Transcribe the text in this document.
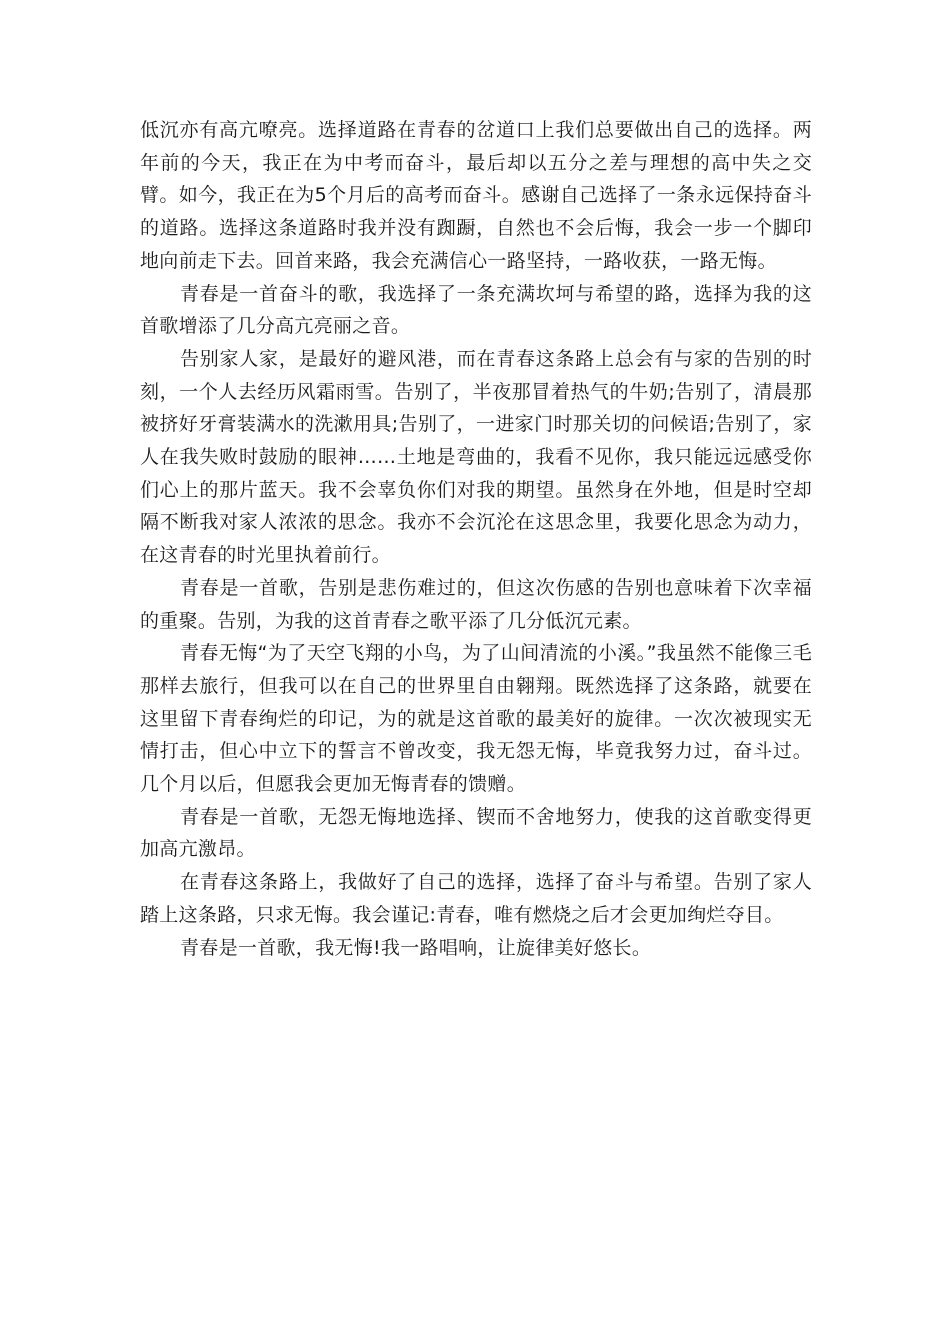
低沉亦有高亢嘹亮。选择道路在青春的岔道口上我们总要做出自己的选择。两年前的今天，我正在为中考而奋斗，最后却以五分之差与理想的高中失之交臂。如今，我正在为5个月后的高考而奋斗。感谢自己选择了一条永远保持奋斗的道路。选择这条道路时我并没有踟蹰，自然也不会后悔，我会一步一个脚印地向前走下去。回首来路，我会充满信心一路坚持，一路收获，一路无悔。

青春是一首奋斗的歌，我选择了一条充满坎坷与希望的路，选择为我的这首歌增添了几分高亢亮丽之音。

告别家人家，是最好的避风港，而在青春这条路上总会有与家的告别的时刻，一个人去经历风霜雨雪。告别了，半夜那冒着热气的牛奶;告别了，清晨那被挤好牙膏装满水的洗漱用具;告别了，一进家门时那关切的问候语;告别了，家人在我失败时鼓励的眼神……土地是弯曲的，我看不见你，我只能远远感受你们心上的那片蓝天。我不会辜负你们对我的期望。虽然身在外地，但是时空却隔不断我对家人浓浓的思念。我亦不会沉沦在这思念里，我要化思念为动力，在这青春的时光里执着前行。

青春是一首歌，告别是悲伤难过的，但这次伤感的告别也意味着下次幸福的重聚。告别，为我的这首青春之歌平添了几分低沉元素。

青春无悔“为了天空飞翔的小鸟，为了山间清流的小溪。”我虽然不能像三毛那样去旅行，但我可以在自己的世界里自由翱翔。既然选择了这条路，就要在这里留下青春绚烂的印记，为的就是这首歌的最美好的旋律。一次次被现实无情打击，但心中立下的誓言不曾改变，我无怨无悔，毕竟我努力过，奋斗过。几个月以后，但愿我会更加无悔青春的馈赠。

青春是一首歌，无怨无悔地选择、锲而不舍地努力，使我的这首歌变得更加高亢激昂。

在青春这条路上，我做好了自己的选择，选择了奋斗与希望。告别了家人踏上这条路，只求无悔。我会谨记:青春，唯有燃烧之后才会更加绚烂夺目。

青春是一首歌，我无悔!我一路唱响，让旋律美好悠长。
